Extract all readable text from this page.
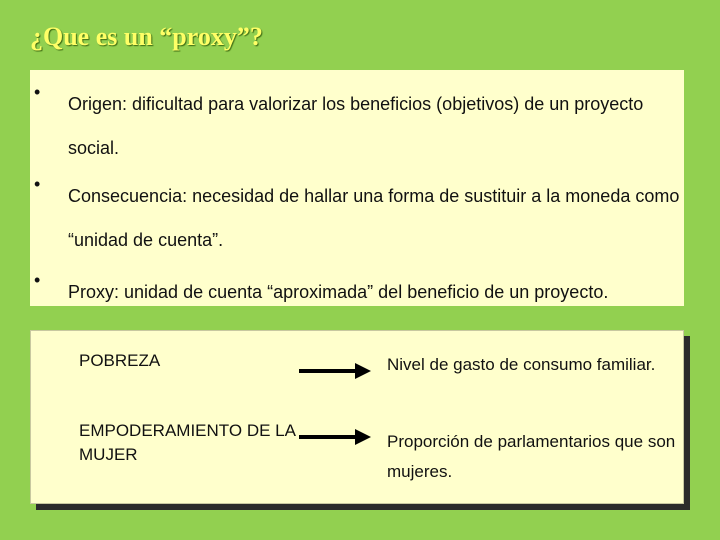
¿Que es un “proxy”?
•
Origen: dificultad para valorizar los beneficios (objetivos) de un proyecto social.
•
Consecuencia: necesidad de hallar una forma de sustituir a la moneda como “unidad de cuenta”.
•
Proxy: unidad de cuenta “aproximada” del beneficio de un proyecto.
POBREZA	Nivel de gasto de consumo familiar.
EMPODERAMIENTO DE LA MUJER
Proporción de parlamentarios que son mujeres.
